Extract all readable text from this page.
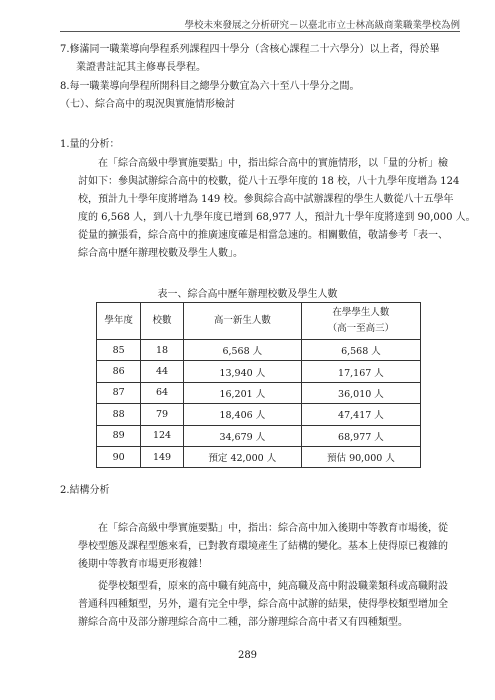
學校未來發展之分析研究－以臺北市立士林高級商業職業學校為例
7.修滿同一職業導向學程系列課程四十學分（含核心課程二十六學分）以上者，得於畢
業證書註記其主修專長學程。
8.每一職業導向學程所開科目之總學分數宜為六十至八十學分之間。
（七）、綜合高中的現況與實施情形檢討
1.量的分析：
在「綜合高級中學實施要點」中，指出綜合高中的實施情形，以「量的分析」檢
討如下：參與試辦綜合高中的校數，從八十五學年度的 18 校，八十九學年度增為 124
校，預計九十學年度將增為 149 校。參與綜合高中試辦課程的學生人數從八十五學年
度的 6,568 人，到八十九學年度已增到 68,977 人，預計九十學年度將達到 90,000 人。
從量的擴張看，綜合高中的推廣速度確是相當急速的。相關數值，敬請參考「表一、
綜合高中歷年辦理校數及學生人數」。
表一、綜合高中歷年辦理校數及學生人數
學年度	校數	高一新生人數	在學學生人數
（高一至高三）

85	18	6,568 人	6,568 人
86	44	13,940 人	17,167 人
87	64	16,201 人	36,010 人
88	79	18,406 人	47,417 人
89	124	34,679 人	68,977 人
90	149	預定 42,000 人	預估 90,000 人
2.結構分析
在「綜合高級中學實施要點」中，指出：綜合高中加入後期中等教育市場後，從
學校型態及課程型態來看，已對教育環境產生了結構的變化。基本上使得原已複雜的
後期中等教育市場更形複雜！
從學校類型看，原來的高中職有純高中，純高職及高中附設職業類科或高職附設
普通科四種類型，另外，還有完全中學，綜合高中試辦的結果，使得學校類型增加全
辦綜合高中及部分辦理綜合高中二種，部分辦理綜合高中者又有四種類型。
289
